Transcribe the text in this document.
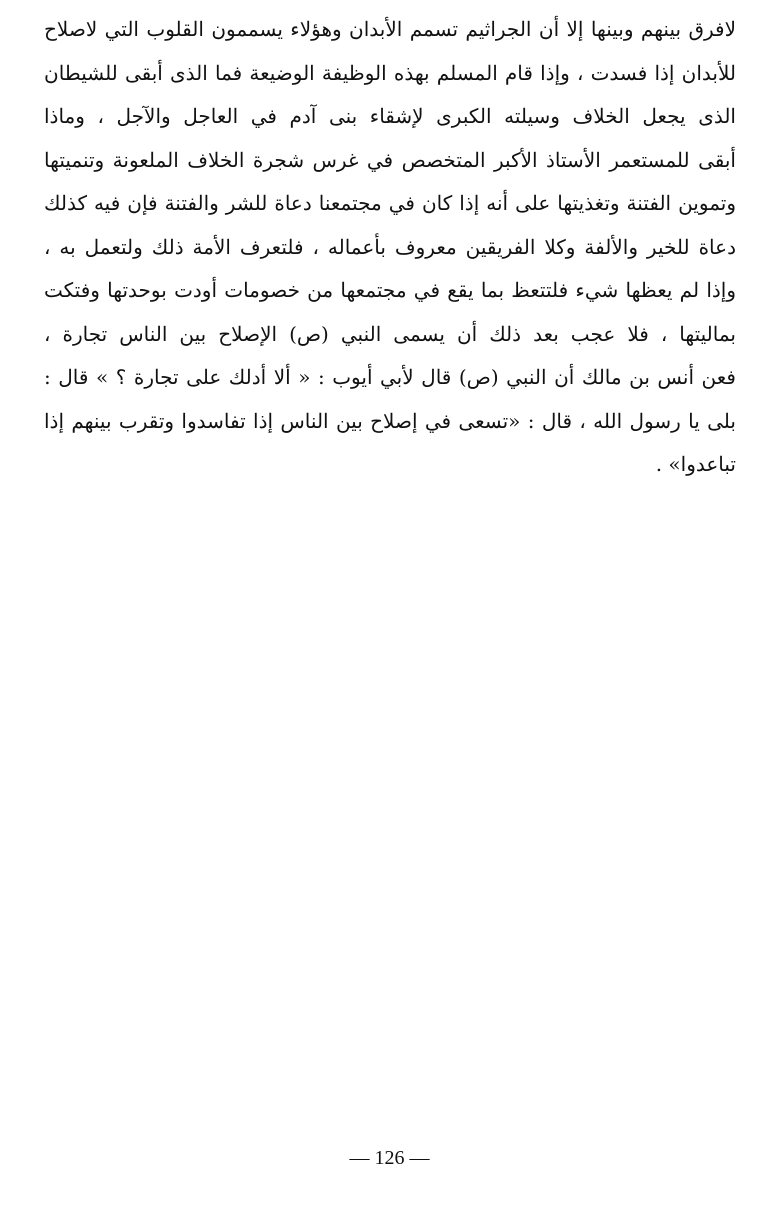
لافرق بينهم وبينها إلا أن الجراثيم تسمم الأبدان وهؤلاء يسممون القلوب التي لاصلاح
للأبدان إذا فسدت ، وإذا قام المسلم بهذه الوظيفة الوضيعة فما الذى أبقى للشيطان
الذى يجعل الخلاف وسيلته الكبرى لإشقاء بنى آدم في العاجل والآجل ، وماذا
أبقى للمستعمر الأستاذ الأكبر المتخصص في غرس شجرة الخلاف الملعونة وتنميتها
وتموين الفتنة وتغذيتها على أنه إذا كان في مجتمعنا دعاة للشر والفتنة فإن فيه كذلك
دعاة للخير والألفة وكلا الفريقين معروف بأعماله ، فلتعرف الأمة ذلك ولتعمل به ،
وإذا لم يعظها شيء فلتتعظ بما يقع في مجتمعها من خصومات أودت بوحدتها وفتكت
بماليتها ، فلا عجب بعد ذلك أن يسمى النبي (ص) الإصلاح بين الناس تجارة ،
فعن أنس بن مالك أن النبي (ص) قال لأبي أيوب : « ألا أدلك على تجارة ؟ » قال :
بلى يا رسول الله ، قال : «تسعى في إصلاح بين الناس إذا تفاسدوا وتقرب بينهم إذا
تباعدوا» .
— 126 —
